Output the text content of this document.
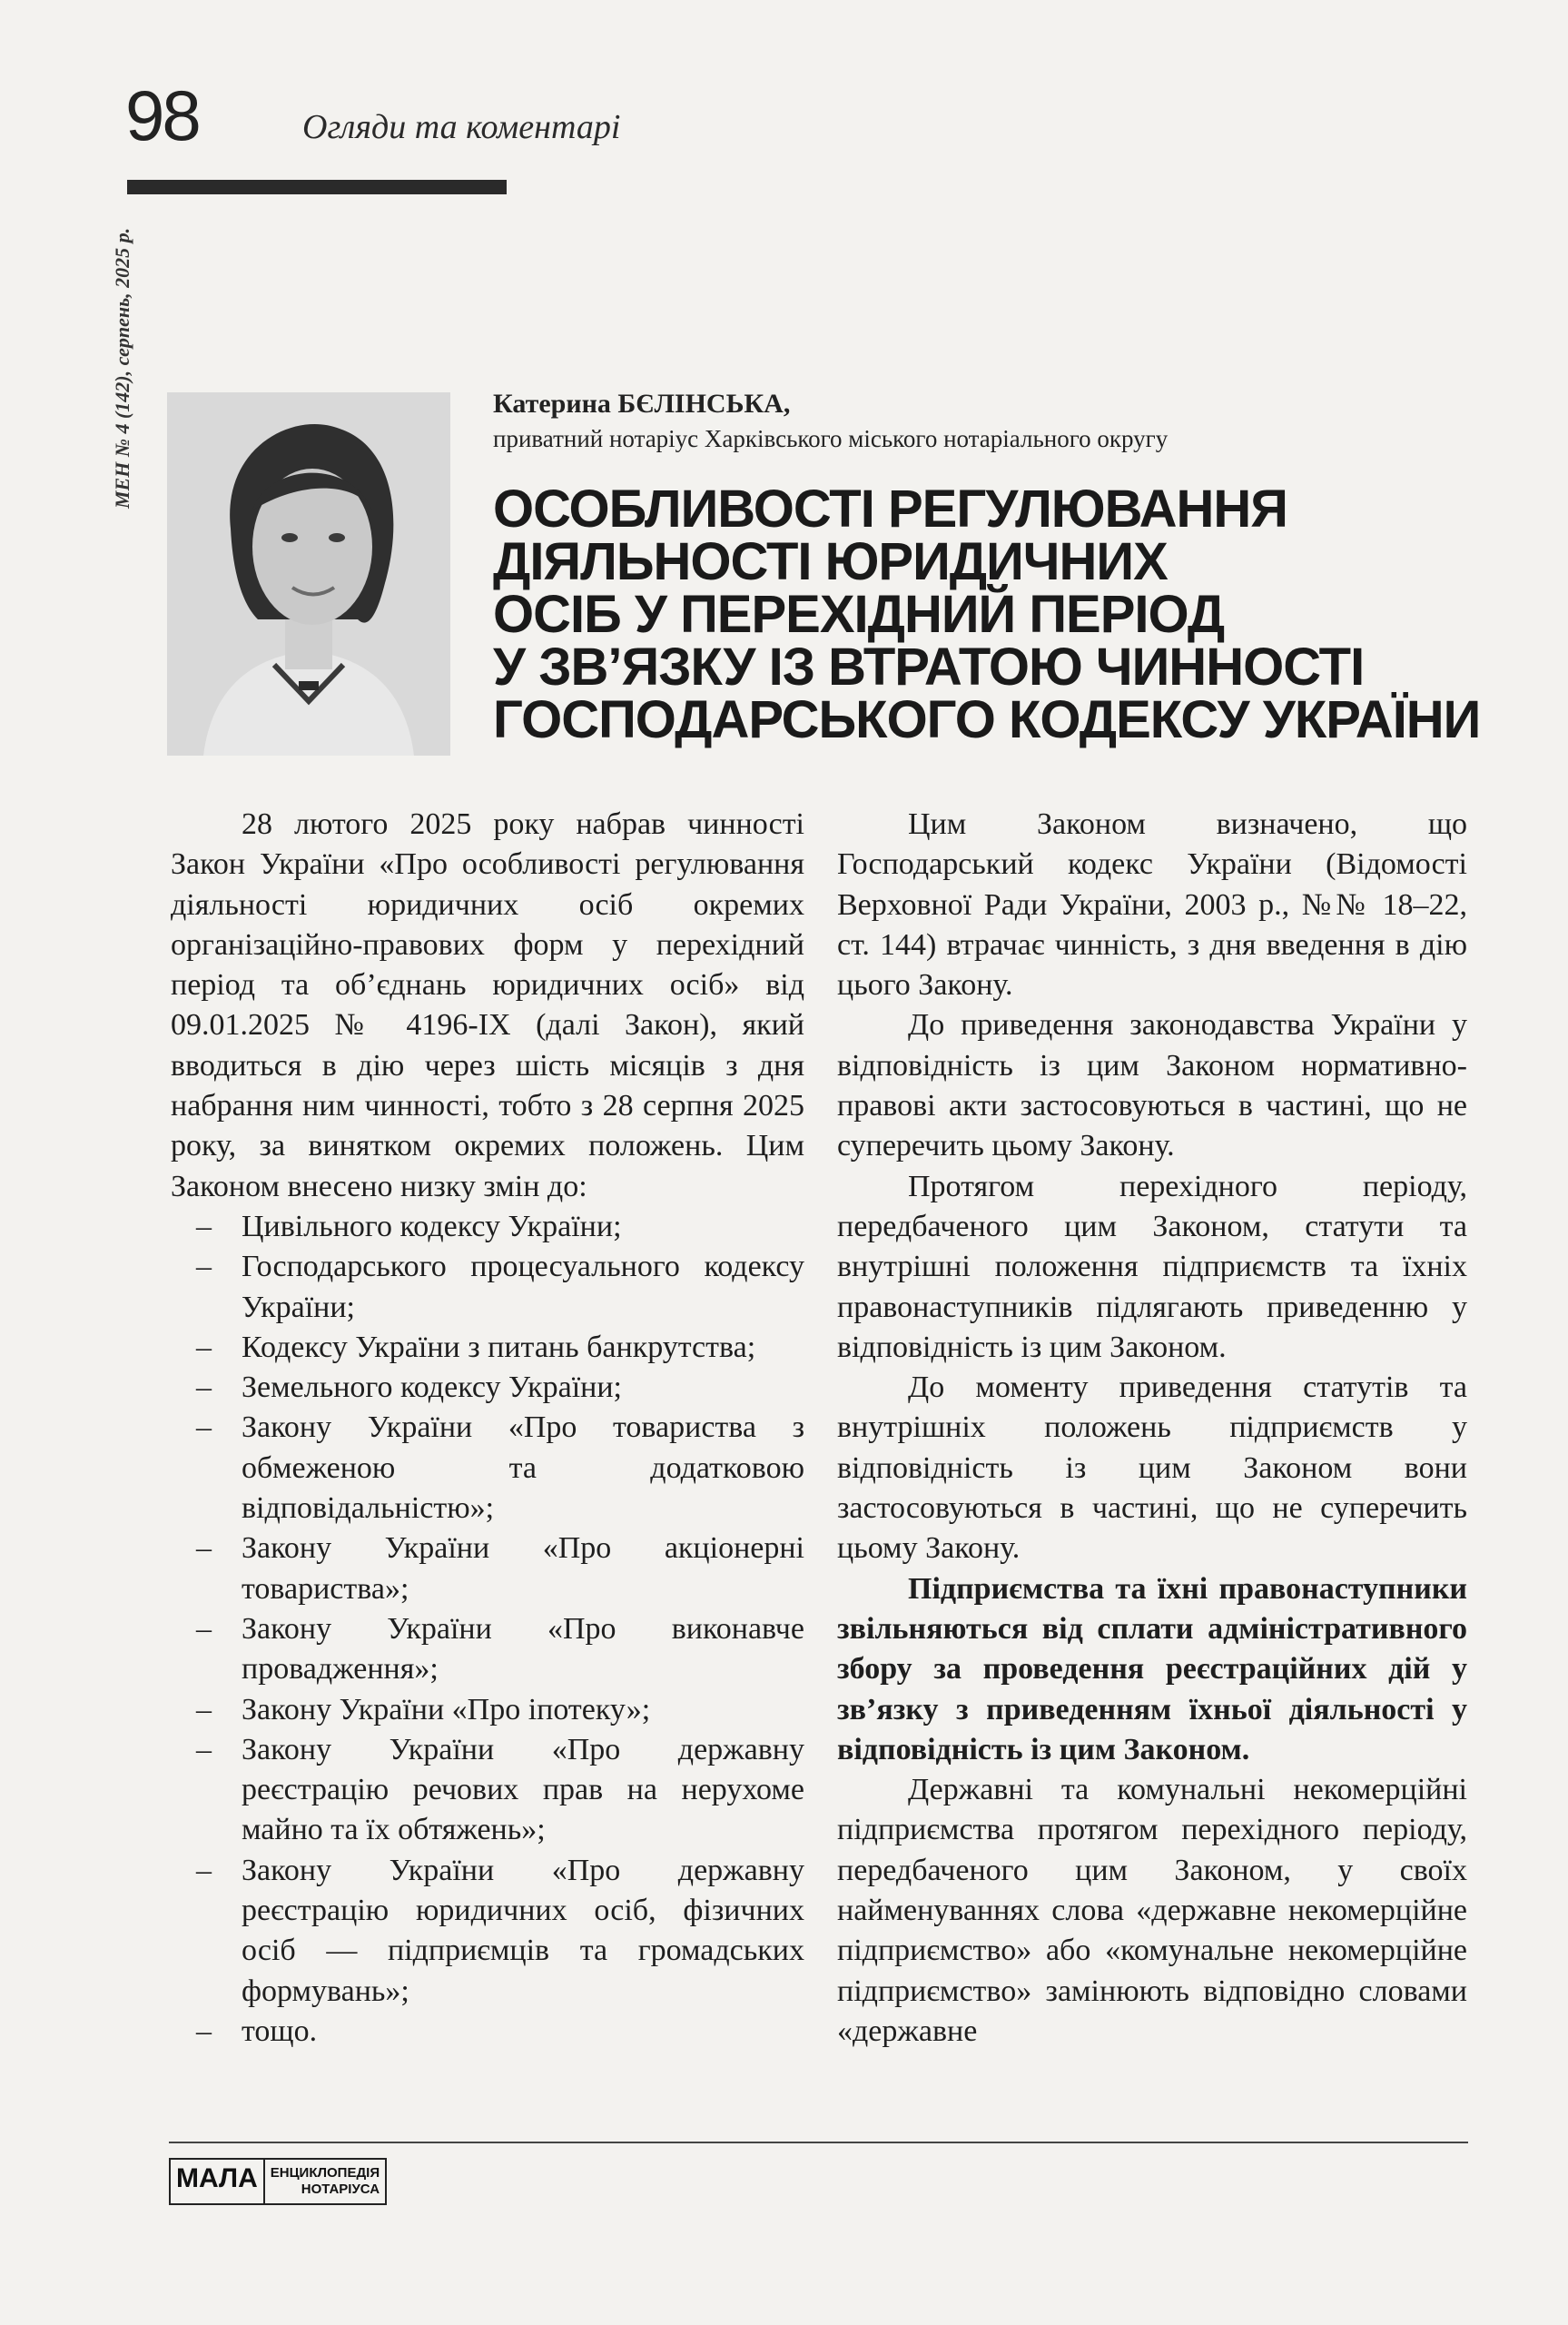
98	Огляди та коментарі
МЕН № 4 (142), серпень, 2025 р.	Катерина БЄЛІНСЬКА,
приватний нотаріус Харківського міського нотаріального округу
ОСОБЛИВОСТІ РЕГУЛЮВАННЯ
ДІЯЛЬНОСТІ ЮРИДИЧНИХ
ОСІБ У ПЕРЕХІДНИЙ ПЕРІОД
У ЗВ’ЯЗКУ ІЗ ВТРАТОЮ ЧИННОСТІ
ГОСПОДАРСЬКОГО КОДЕКСУ УКРАЇНИ

28 лютого 2025 року набрав чинності Закон України «Про особливості регулювання діяльності юридичних осіб окремих організаційно-правових форм у перехідний період та об’єднань юридичних осіб» від 09.01.2025 № 4196-IX (далі Закон), який вводиться в дію через шість місяців з дня набрання ним чинності, тобто з 28 серпня 2025 року, за винятком окремих положень. Цим Законом внесено низку змін до:

– Цивільного кодексу України;
– Господарського процесуального кодексу України;
– Кодексу України з питань банкрутства;
– Земельного кодексу України;
– Закону України «Про товариства з обмеженою та додатковою відповідальністю»;
– Закону України «Про акціонерні товариства»;
– Закону України «Про виконавче провадження»;
– Закону України «Про іпотеку»;
– Закону України «Про державну реєстрацію речових прав на нерухоме майно та їх обтяжень»;
– Закону України «Про державну реєстрацію юридичних осіб, фізичних осіб — підприємців та громадських формувань»;
– тощо.

Цим Законом визначено, що Господарський кодекс України (Відомості Верховної Ради України, 2003 р., №№ 18–22, ст. 144) втрачає чинність, з дня введення в дію цього Закону.

До приведення законодавства України у відповідність із цим Законом нормативно-правові акти застосовуються в частині, що не суперечить цьому Закону.

Протягом перехідного періоду, передбаченого цим Законом, статути та внутрішні положення підприємств та їхніх правонаступників підлягають приведенню у відповідність із цим Законом.

До моменту приведення статутів та внутрішніх положень підприємств у відповідність із цим Законом вони застосовуються в частині, що не суперечить цьому Закону.

Підприємства та їхні правонаступники звільняються від сплати адміністративного збору за проведення реєстраційних дій у зв’язку з приведенням їхньої діяльності у відповідність із цим Законом.

Державні та комунальні некомерційні підприємства протягом перехідного періоду, передбаченого цим Законом, у своїх найменуваннях слова «державне некомерційне підприємство» або «комунальне некомерційне підприємство» замінюють відповідно словами «державне

МАЛА ЕНЦИКЛОПЕДІЯ
НОТАРІУСА
